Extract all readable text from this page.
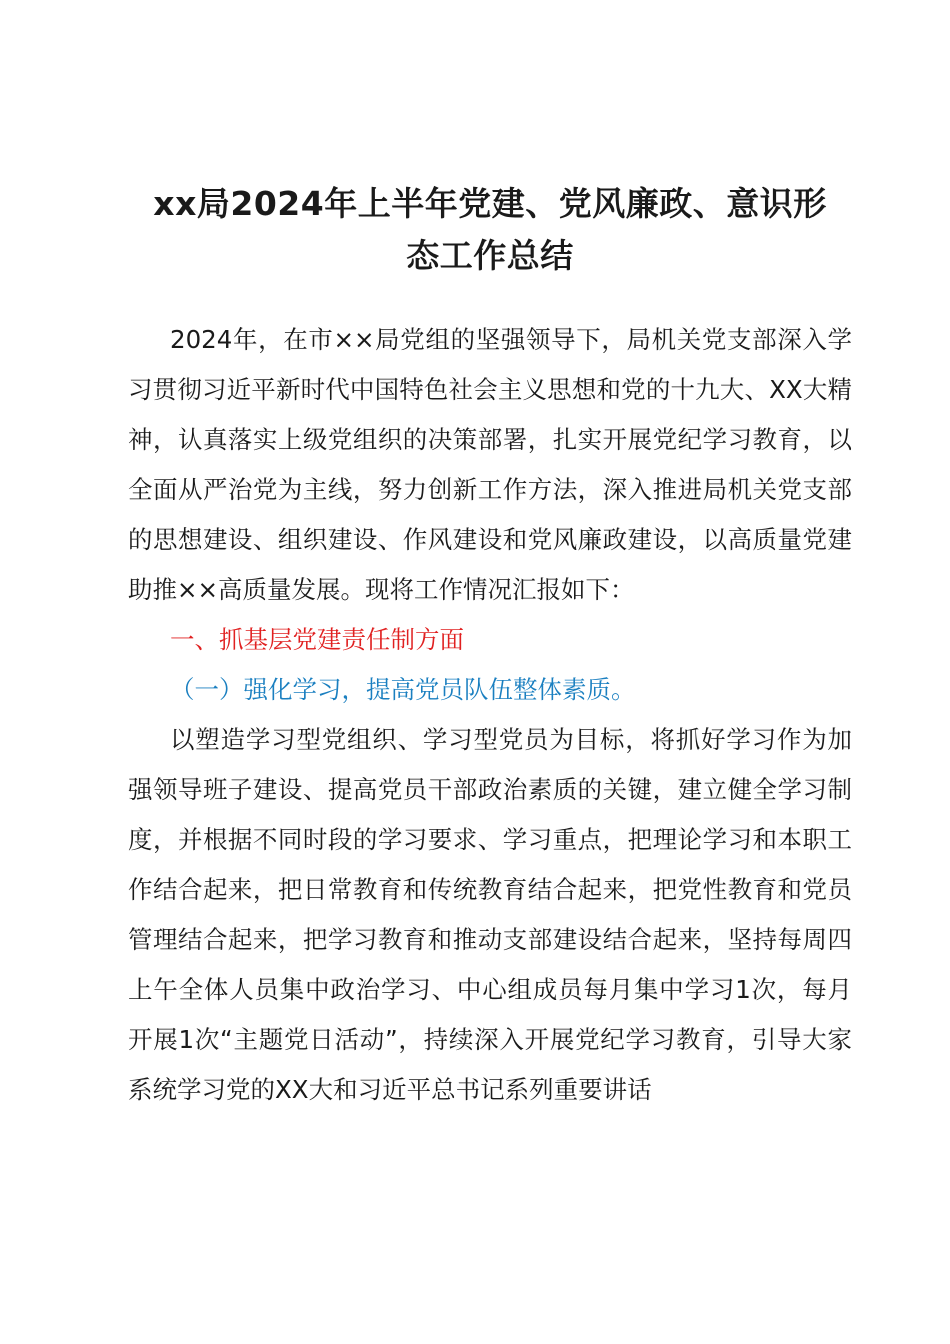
xx局2024年上半年党建、党风廉政、意识形
态工作总结

2024年，在市××局党组的坚强领导下，局机关党支部深入学习贯彻习近平新时代中国特色社会主义思想和党的十九大、XX大精神，认真落实上级党组织的决策部署，扎实开展党纪学习教育，以全面从严治党为主线，努力创新工作方法，深入推进局机关党支部的思想建设、组织建设、作风建设和党风廉政建设，以高质量党建助推××高质量发展。现将工作情况汇报如下：

一、抓基层党建责任制方面

（一）强化学习，提高党员队伍整体素质。

以塑造学习型党组织、学习型党员为目标，将抓好学习作为加强领导班子建设、提高党员干部政治素质的关键，建立健全学习制度，并根据不同时段的学习要求、学习重点，把理论学习和本职工作结合起来，把日常教育和传统教育结合起来，把党性教育和党员管理结合起来，把学习教育和推动支部建设结合起来，坚持每周四上午全体人员集中政治学习、中心组成员每月集中学习1次，每月开展1次“主题党日活动”，持续深入开展党纪学习教育，引导大家系统学习党的XX大和习近平总书记系列重要讲话
